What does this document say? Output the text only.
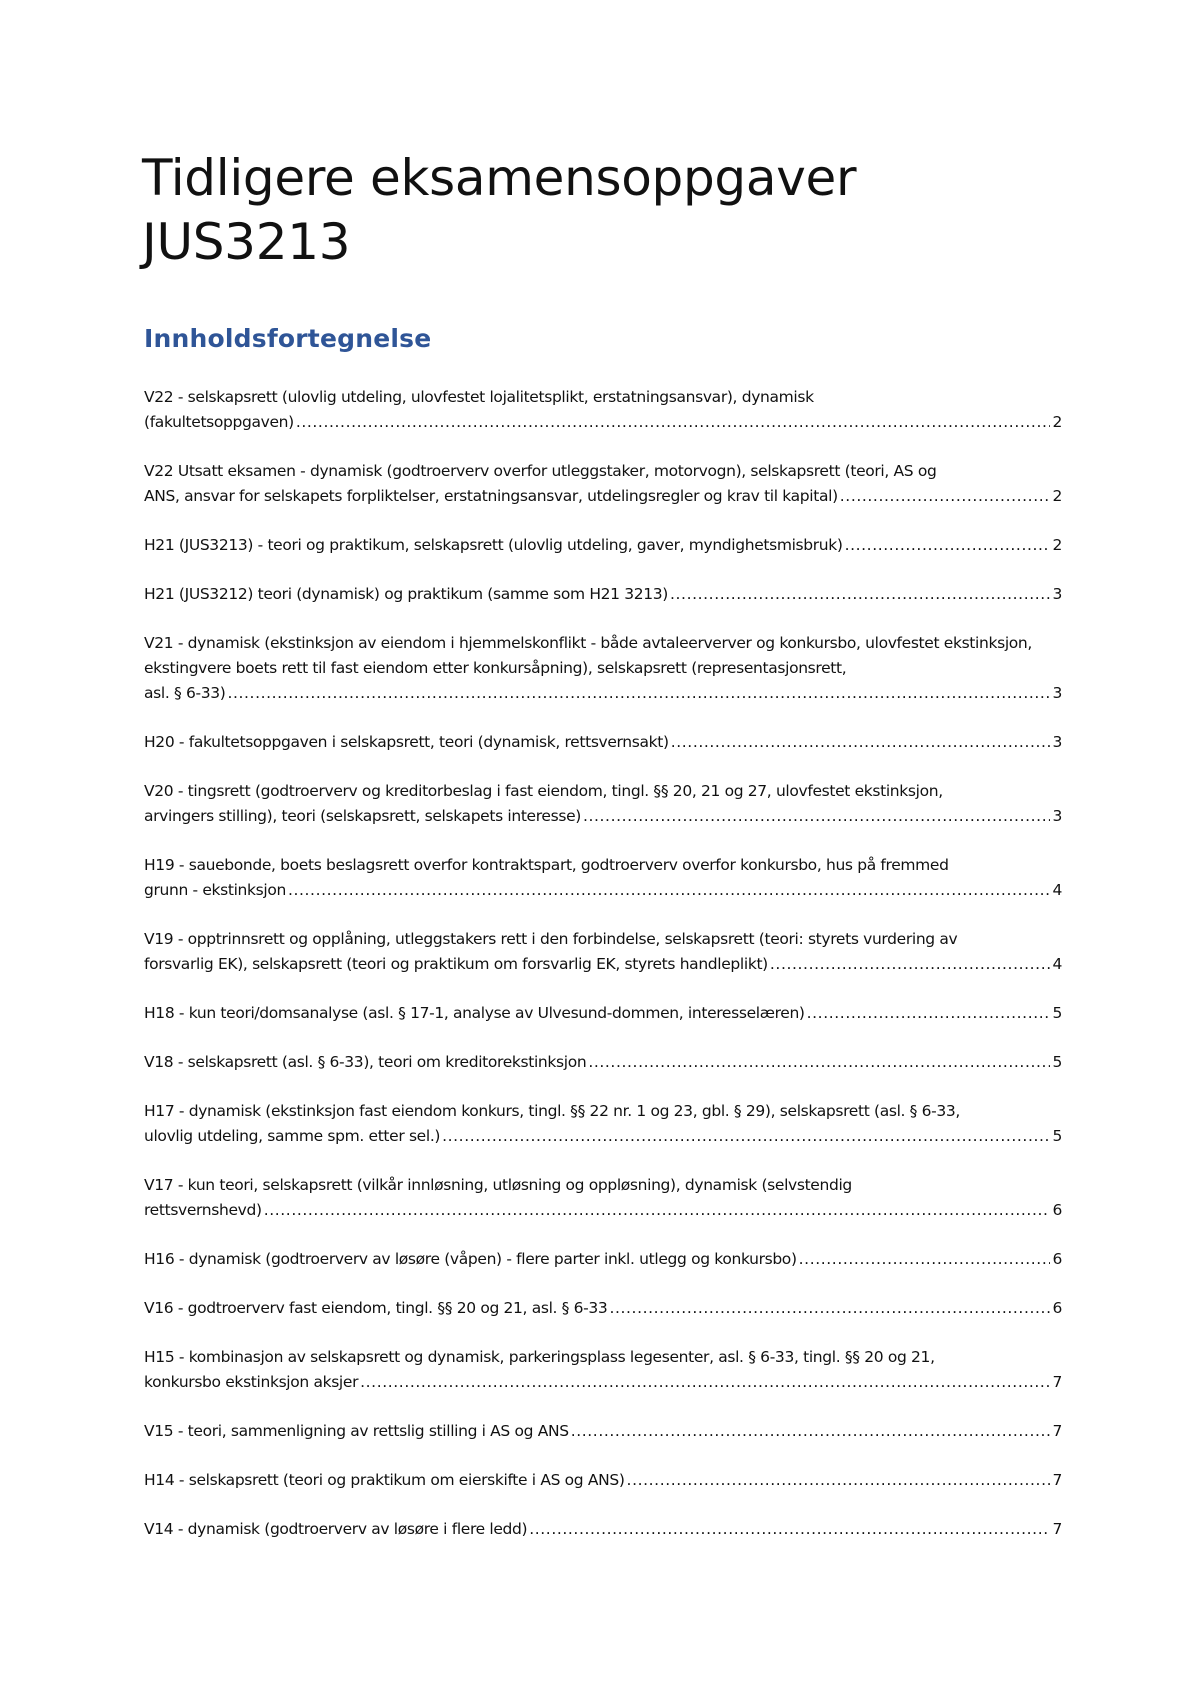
Tidligere eksamensoppgaver
JUS3213
Innholdsfortegnelse
V22 - selskapsrett (ulovlig utdeling, ulovfestet lojalitetsplikt, erstatningsansvar), dynamisk
(fakultetsoppgaven) .....	2
V22 Utsatt eksamen - dynamisk (godtroerverv overfor utleggstaker, motorvogn), selskapsrett (teori, AS og
ANS, ansvar for selskapets forpliktelser, erstatningsansvar, utdelingsregler og krav til kapital) .....	2
H21 (JUS3213) - teori og praktikum, selskapsrett (ulovlig utdeling, gaver, myndighetsmisbruk) .....	2
H21 (JUS3212) teori (dynamisk) og praktikum (samme som H21 3213) .....	3
V21 - dynamisk (ekstinksjon av eiendom i hjemmelskonflikt - både avtaleerverver og konkursbo, ulovfestet ekstinksjon, ekstingvere boets rett til fast eiendom etter konkursåpning), selskapsrett (representasjonsrett,
asl. § 6-33) .....	3
H20 - fakultetsoppgaven i selskapsrett, teori (dynamisk, rettsvernsakt) .....	3
V20 - tingsrett (godtroerverv og kreditorbeslag i fast eiendom, tingl. §§ 20, 21 og 27, ulovfestet ekstinksjon,
arvingers stilling), teori (selskapsrett, selskapets interesse) .....	3
H19 - sauebonde, boets beslagsrett overfor kontraktspart, godtroerverv overfor konkursbo, hus på fremmed
grunn - ekstinksjon .....	4
V19 - opptrinnsrett og opplåning, utleggstakers rett i den forbindelse, selskapsrett (teori: styrets vurdering av
forsvarlig EK), selskapsrett (teori og praktikum om forsvarlig EK, styrets handleplikt) .....	4
H18 - kun teori/domsanalyse (asl. § 17-1, analyse av Ulvesund-dommen, interesselæren) .....	5
V18 - selskapsrett (asl. § 6-33), teori om kreditorekstinksjon .....	5
H17 - dynamisk (ekstinksjon fast eiendom konkurs, tingl. §§ 22 nr. 1 og 23, gbl. § 29), selskapsrett (asl. § 6-33,
ulovlig utdeling, samme spm. etter sel.) .....	5
V17 - kun teori, selskapsrett (vilkår innløsning, utløsning og oppløsning), dynamisk (selvstendig
rettsvernshevd) .....	6
H16 - dynamisk (godtroerverv av løsøre (våpen) - flere parter inkl. utlegg og konkursbo) .....	6
V16 - godtroerverv fast eiendom, tingl. §§ 20 og 21, asl. § 6-33 .....	6
H15 - kombinasjon av selskapsrett og dynamisk, parkeringsplass legesenter, asl. § 6-33, tingl. §§ 20 og 21,
konkursbo ekstinksjon aksjer .....	7
V15 - teori, sammenligning av rettslig stilling i AS og ANS .....	7
H14 - selskapsrett (teori og praktikum om eierskifte i AS og ANS) .....	7
V14 - dynamisk (godtroerverv av løsøre i flere ledd) .....	7
